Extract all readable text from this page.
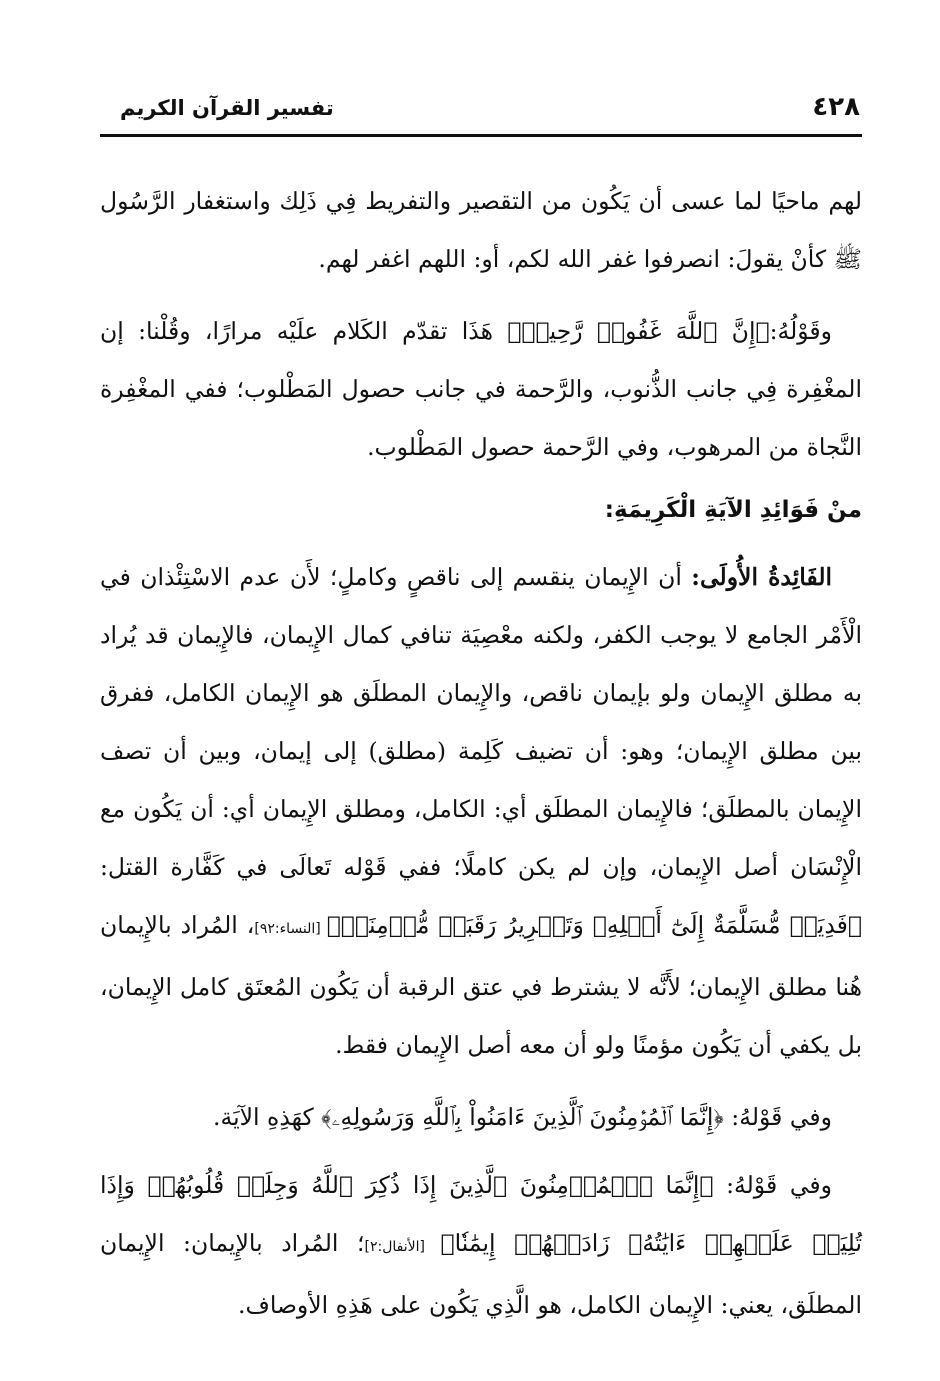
٤٢٨
تفسير القرآن الكريم

لهم ماحيًا لما عسى أن يَكُون من التقصير والتفريط فِي ذَلِك واستغفار الرَّسُول ﷺ كأنْ يقولَ: انصرفوا غفر الله لكم، أو: اللهم اغفر لهم.

وقَوْلُهُ:﴿إِنَّ ٱللَّهَ غَفُورٞ رَّحِيمٞ﴾ هَذَا تقدّم الكَلام علَيْه مرارًا، وقُلْنا: إن المغْفِرة فِي جانب الذُّنوب، والرَّحمة في جانب حصول المَطْلوب؛ ففي المغْفِرة النَّجاة من المرهوب، وفي الرَّحمة حصول المَطْلوب.

منْ فَوَائِدِ الآيَةِ الْكَرِيمَةِ:

الفَائِدةُ الأُولَى: أن الإِيمان ينقسم إلى ناقصٍ وكاملٍ؛ لأَن عدم الاسْتِئْذان في الْأَمْر الجامع لا يوجب الكفر، ولكنه معْصِيَة تنافي كمال الإِيمان، فالإِيمان قد يُراد به مطلق الإِيمان ولو بإيمان ناقص، والإِيمان المطلَق هو الإِيمان الكامل، ففرق بين مطلق الإِيمان؛ وهو: أن تضيف كَلِمة (مطلق) إلى إيمان، وبين أن تصف الإِيمان بالمطلَق؛ فالإِيمان المطلَق أي: الكامل، ومطلق الإِيمان أي: أن يَكُون مع الْإِنْسَان أصل الإِيمان، وإن لم يكن كاملًا؛ ففي قَوْله تَعالَى في كَفَّارة القتل: ﴿فَدِيَةٞ مُّسَلَّمَةٌ إِلَىٰٓ أَهۡلِهِۦ وَتَحۡرِيرُ رَقَبَةٖ مُّؤۡمِنَةٖ﴾ [النساء:٩٢]، المُراد بالإِيمان هُنا مطلق الإِيمان؛ لأَنَّه لا يشترط في عتق الرقبة أن يَكُون المُعتَق كامل الإِيمان، بل يكفي أن يَكُون مؤمنًا ولو أن معه أصل الإِيمان فقط.

وفي قَوْلهُ: ﴿إِنَّمَا ٱلۡمُؤۡمِنُونَ ٱلَّذِينَ ءَامَنُواْ بِٱللَّهِ وَرَسُولِهِۦ﴾ كهَذِهِ الآيَة.

وفي قَوْلهُ: ﴿إِنَّمَا ٱلۡمُؤۡمِنُونَ ٱلَّذِينَ إِذَا ذُكِرَ ٱللَّهُ وَجِلَتۡ قُلُوبُهُمۡ وَإِذَا تُلِيَتۡ عَلَيۡهِمۡ ءَايَٰتُهُۥ زَادَتۡهُمۡ إِيمَٰنٗا﴾ [الأنفال:٢]؛ المُراد بالإِيمان: الإِيمان المطلَق، يعني: الإِيمان الكامل، هو الَّذِي يَكُون على هَذِهِ الأوصاف.
